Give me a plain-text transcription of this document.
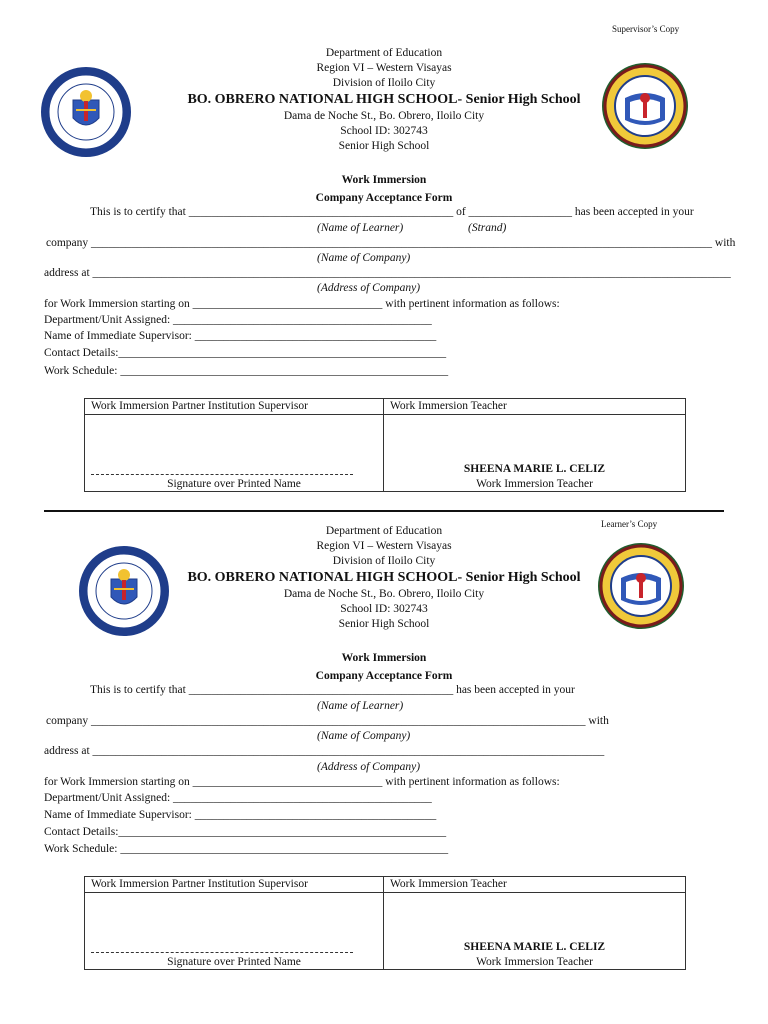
Supervisor’s Copy
Department of Education
Region VI – Western Visayas
Division of Iloilo City
BO. OBRERO NATIONAL HIGH SCHOOL- Senior High School
Dama de Noche St., Bo. Obrero, Iloilo City
School ID: 302743
Senior High School
Work Immersion
Company Acceptance Form
This is to certify that ______________________________________________ of __________________ has been accepted in your
(Name of Learner)	(Strand)
company ____________________________________________________________________________________________________________ with
(Name of Company)
address at _______________________________________________________________________________________________________________
(Address of Company)
for Work Immersion starting on _________________________________ with pertinent information as follows:
Department/Unit Assigned: _____________________________________________
Name of Immediate Supervisor: __________________________________________
Contact Details:_________________________________________________________
Work Schedule: _________________________________________________________
Work Immersion Partner Institution Supervisor	Work Immersion Teacher

Signature over Printed Name	SHEENA MARIE L. CELIZ
Work Immersion Teacher
Learner’s Copy
Department of Education
Region VI – Western Visayas
Division of Iloilo City
BO. OBRERO NATIONAL HIGH SCHOOL- Senior High School
Dama de Noche St., Bo. Obrero, Iloilo City
School ID: 302743
Senior High School
Work Immersion
Company Acceptance Form
This is to certify that ______________________________________________ has been accepted in your
(Name of Learner)
company ______________________________________________________________________________________ with
(Name of Company)
address at _________________________________________________________________________________________
(Address of Company)
for Work Immersion starting on _________________________________ with pertinent information as follows:
Department/Unit Assigned: _____________________________________________
Name of Immediate Supervisor: __________________________________________
Contact Details:_________________________________________________________
Work Schedule: _________________________________________________________
Work Immersion Partner Institution Supervisor	Work Immersion Teacher

Signature over Printed Name	SHEENA MARIE L. CELIZ
Work Immersion Teacher
